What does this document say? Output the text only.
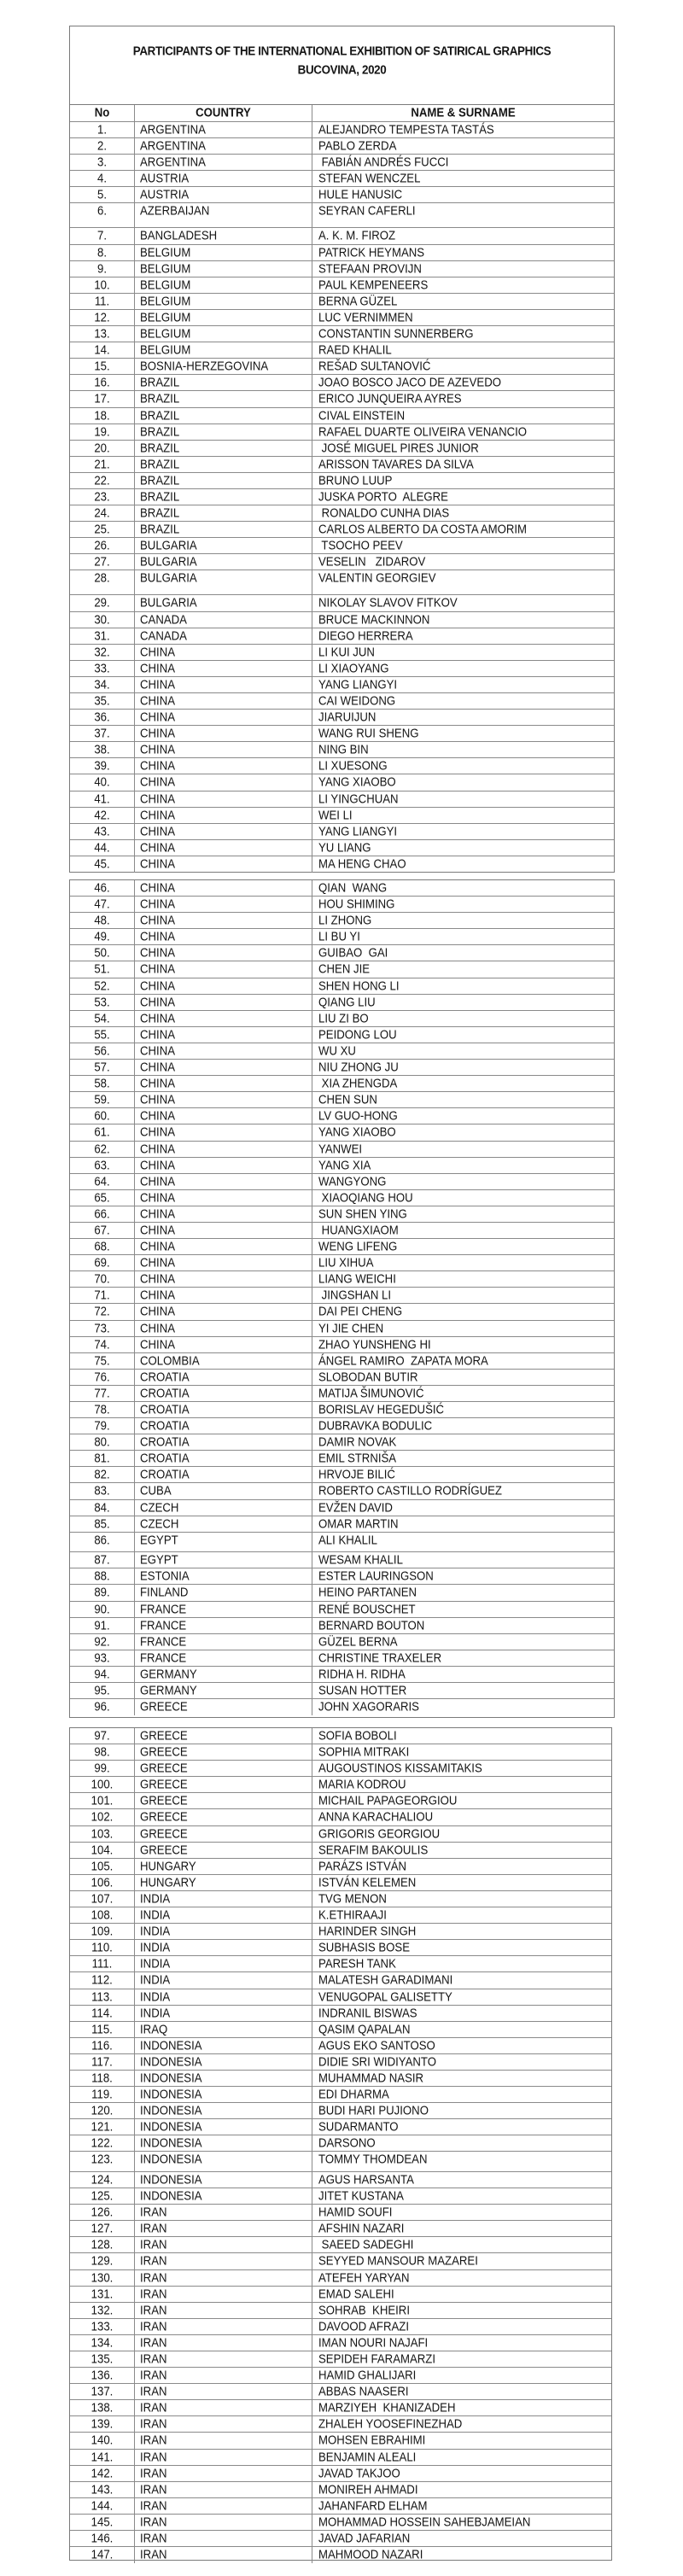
PARTICIPANTS OF THE INTERNATIONAL EXHIBITION OF SATIRICAL GRAPHICS
BUCOVINA, 2020
No	COUNTRY	NAME & SURNAME
1.	ARGENTINA	ALEJANDRO TEMPESTA TASTÁS
2.	ARGENTINA	PABLO ZERDA
3.	ARGENTINA	FABIÁN ANDRÉS FUCCI
4.	AUSTRIA	STEFAN WENCZEL
5.	AUSTRIA	HULE HANUSIC
6.	AZERBAIJAN	SEYRAN CAFERLI
7.	BANGLADESH	A. K. M. FIROZ
8.	BELGIUM	PATRICK HEYMANS
9.	BELGIUM	STEFAAN PROVIJN
10.	BELGIUM	PAUL KEMPENEERS
11.	BELGIUM	BERNA GÜZEL
12.	BELGIUM	LUC VERNIMMEN
13.	BELGIUM	CONSTANTIN SUNNERBERG
14.	BELGIUM	RAED KHALIL
15.	BOSNIA-HERZEGOVINA	REŠAD SULTANOVIĆ
16.	BRAZIL	JOAO BOSCO JACO DE AZEVEDO
17.	BRAZIL	ERICO JUNQUEIRA AYRES
18.	BRAZIL	CIVAL EINSTEIN
19.	BRAZIL	RAFAEL DUARTE OLIVEIRA VENANCIO
20.	BRAZIL	JOSÉ MIGUEL PIRES JUNIOR
21.	BRAZIL	ARISSON TAVARES DA SILVA
22.	BRAZIL	BRUNO LUUP
23.	BRAZIL	JUSKA PORTO  ALEGRE
24.	BRAZIL	RONALDO CUNHA DIAS
25.	BRAZIL	CARLOS ALBERTO DA COSTA AMORIM
26.	BULGARIA	TSOCHO PEEV
27.	BULGARIA	VESELIN   ZIDAROV
28.	BULGARIA	VALENTIN GEORGIEV
29.	BULGARIA	NIKOLAY SLAVOV FITKOV
30.	CANADA	BRUCE MACKINNON
31.	CANADA	DIEGO HERRERA
32.	CHINA	LI KUI JUN
33.	CHINA	LI XIAOYANG
34.	CHINA	YANG LIANGYI
35.	CHINA	CAI WEIDONG
36.	CHINA	JIARUIJUN
37.	CHINA	WANG RUI SHENG
38.	CHINA	NING BIN
39.	CHINA	LI XUESONG
40.	CHINA	YANG XIAOBO
41.	CHINA	LI YINGCHUAN
42.	CHINA	WEI LI
43.	CHINA	YANG LIANGYI
44.	CHINA	YU LIANG
45.	CHINA	MA HENG CHAO
46.	CHINA	QIAN  WANG
47.	CHINA	HOU SHIMING
48.	CHINA	LI ZHONG
49.	CHINA	LI BU YI
50.	CHINA	GUIBAO  GAI
51.	CHINA	CHEN JIE
52.	CHINA	SHEN HONG LI
53.	CHINA	QIANG LIU
54.	CHINA	LIU ZI BO
55.	CHINA	PEIDONG LOU
56.	CHINA	WU XU
57.	CHINA	NIU ZHONG JU
58.	CHINA	XIA ZHENGDA
59.	CHINA	CHEN SUN
60.	CHINA	LV GUO-HONG
61.	CHINA	YANG XIAOBO
62.	CHINA	YANWEI
63.	CHINA	YANG XIA
64.	CHINA	WANGYONG
65.	CHINA	XIAOQIANG HOU
66.	CHINA	SUN SHEN YING
67.	CHINA	HUANGXIAOM
68.	CHINA	WENG LIFENG
69.	CHINA	LIU XIHUA
70.	CHINA	LIANG WEICHI
71.	CHINA	JINGSHAN LI
72.	CHINA	DAI PEI CHENG
73.	CHINA	YI JIE CHEN
74.	CHINA	ZHAO YUNSHENG HI
75.	COLOMBIA	ÁNGEL RAMIRO  ZAPATA MORA
76.	CROATIA	SLOBODAN BUTIR
77.	CROATIA	MATIJA ŠIMUNOVIĆ
78.	CROATIA	BORISLAV HEGEDUŠIĆ
79.	CROATIA	DUBRAVKA BODULIC
80.	CROATIA	DAMIR NOVAK
81.	CROATIA	EMIL STRNIŠA
82.	CROATIA	HRVOJE BILIĆ
83.	CUBA	ROBERTO CASTILLO RODRÍGUEZ
84.	CZECH	EVŽEN DAVID
85.	CZECH	OMAR MARTIN
86.	EGYPT	ALI KHALIL
87.	EGYPT	WESAM KHALIL
88.	ESTONIA	ESTER LAURINGSON
89.	FINLAND	HEINO PARTANEN
90.	FRANCE	RENÉ BOUSCHET
91.	FRANCE	BERNARD BOUTON
92.	FRANCE	GÜZEL BERNA
93.	FRANCE	CHRISTINE TRAXELER
94.	GERMANY	RIDHA H. RIDHA
95.	GERMANY	SUSAN HOTTER
96.	GREECE	JOHN XAGORARIS
97.	GREECE	SOFIA BOBOLI
98.	GREECE	SOPHIA MITRAKI
99.	GREECE	AUGOUSTINOS KISSAMITAKIS
100.	GREECE	MARIA KODROU
101.	GREECE	MICHAIL PAPAGEORGIOU
102.	GREECE	ANNA KARACHALIOU
103.	GREECE	GRIGORIS GEORGIOU
104.	GREECE	SERAFIM BAKOULIS
105.	HUNGARY	PARÁZS ISTVÁN
106.	HUNGARY	ISTVÁN KELEMEN
107.	INDIA	TVG MENON
108.	INDIA	K.ETHIRAAJI
109.	INDIA	HARINDER SINGH
110.	INDIA	SUBHASIS BOSE
111.	INDIA	PARESH TANK
112.	INDIA	MALATESH GARADIMANI
113.	INDIA	VENUGOPAL GALISETTY
114.	INDIA	INDRANIL BISWAS
115.	IRAQ	QASIM QAPALAN
116.	INDONESIA	AGUS EKO SANTOSO
117.	INDONESIA	DIDIE SRI WIDIYANTO
118.	INDONESIA	MUHAMMAD NASIR
119.	INDONESIA	EDI DHARMA
120.	INDONESIA	BUDI HARI PUJIONO
121.	INDONESIA	SUDARMANTO
122.	INDONESIA	DARSONO
123.	INDONESIA	TOMMY THOMDEAN
124.	INDONESIA	AGUS HARSANTA
125.	INDONESIA	JITET KUSTANA
126.	IRAN	HAMID SOUFI
127.	IRAN	AFSHIN NAZARI
128.	IRAN	SAEED SADEGHI
129.	IRAN	SEYYED MANSOUR MAZAREI
130.	IRAN	ATEFEH YARYAN
131.	IRAN	EMAD SALEHI
132.	IRAN	SOHRAB  KHEIRI
133.	IRAN	DAVOOD AFRAZI
134.	IRAN	IMAN NOURI NAJAFI
135.	IRAN	SEPIDEH FARAMARZI
136.	IRAN	HAMID GHALIJARI
137.	IRAN	ABBAS NAASERI
138.	IRAN	MARZIYEH  KHANIZADEH
139.	IRAN	ZHALEH YOOSEFINEZHAD
140.	IRAN	MOHSEN EBRAHIMI
141.	IRAN	BENJAMIN ALEALI
142.	IRAN	JAVAD TAKJOO
143.	IRAN	MONIREH AHMADI
144.	IRAN	JAHANFARD ELHAM
145.	IRAN	MOHAMMAD HOSSEIN SAHEBJAMEIAN
146.	IRAN	JAVAD JAFARIAN
147.	IRAN	MAHMOOD NAZARI
